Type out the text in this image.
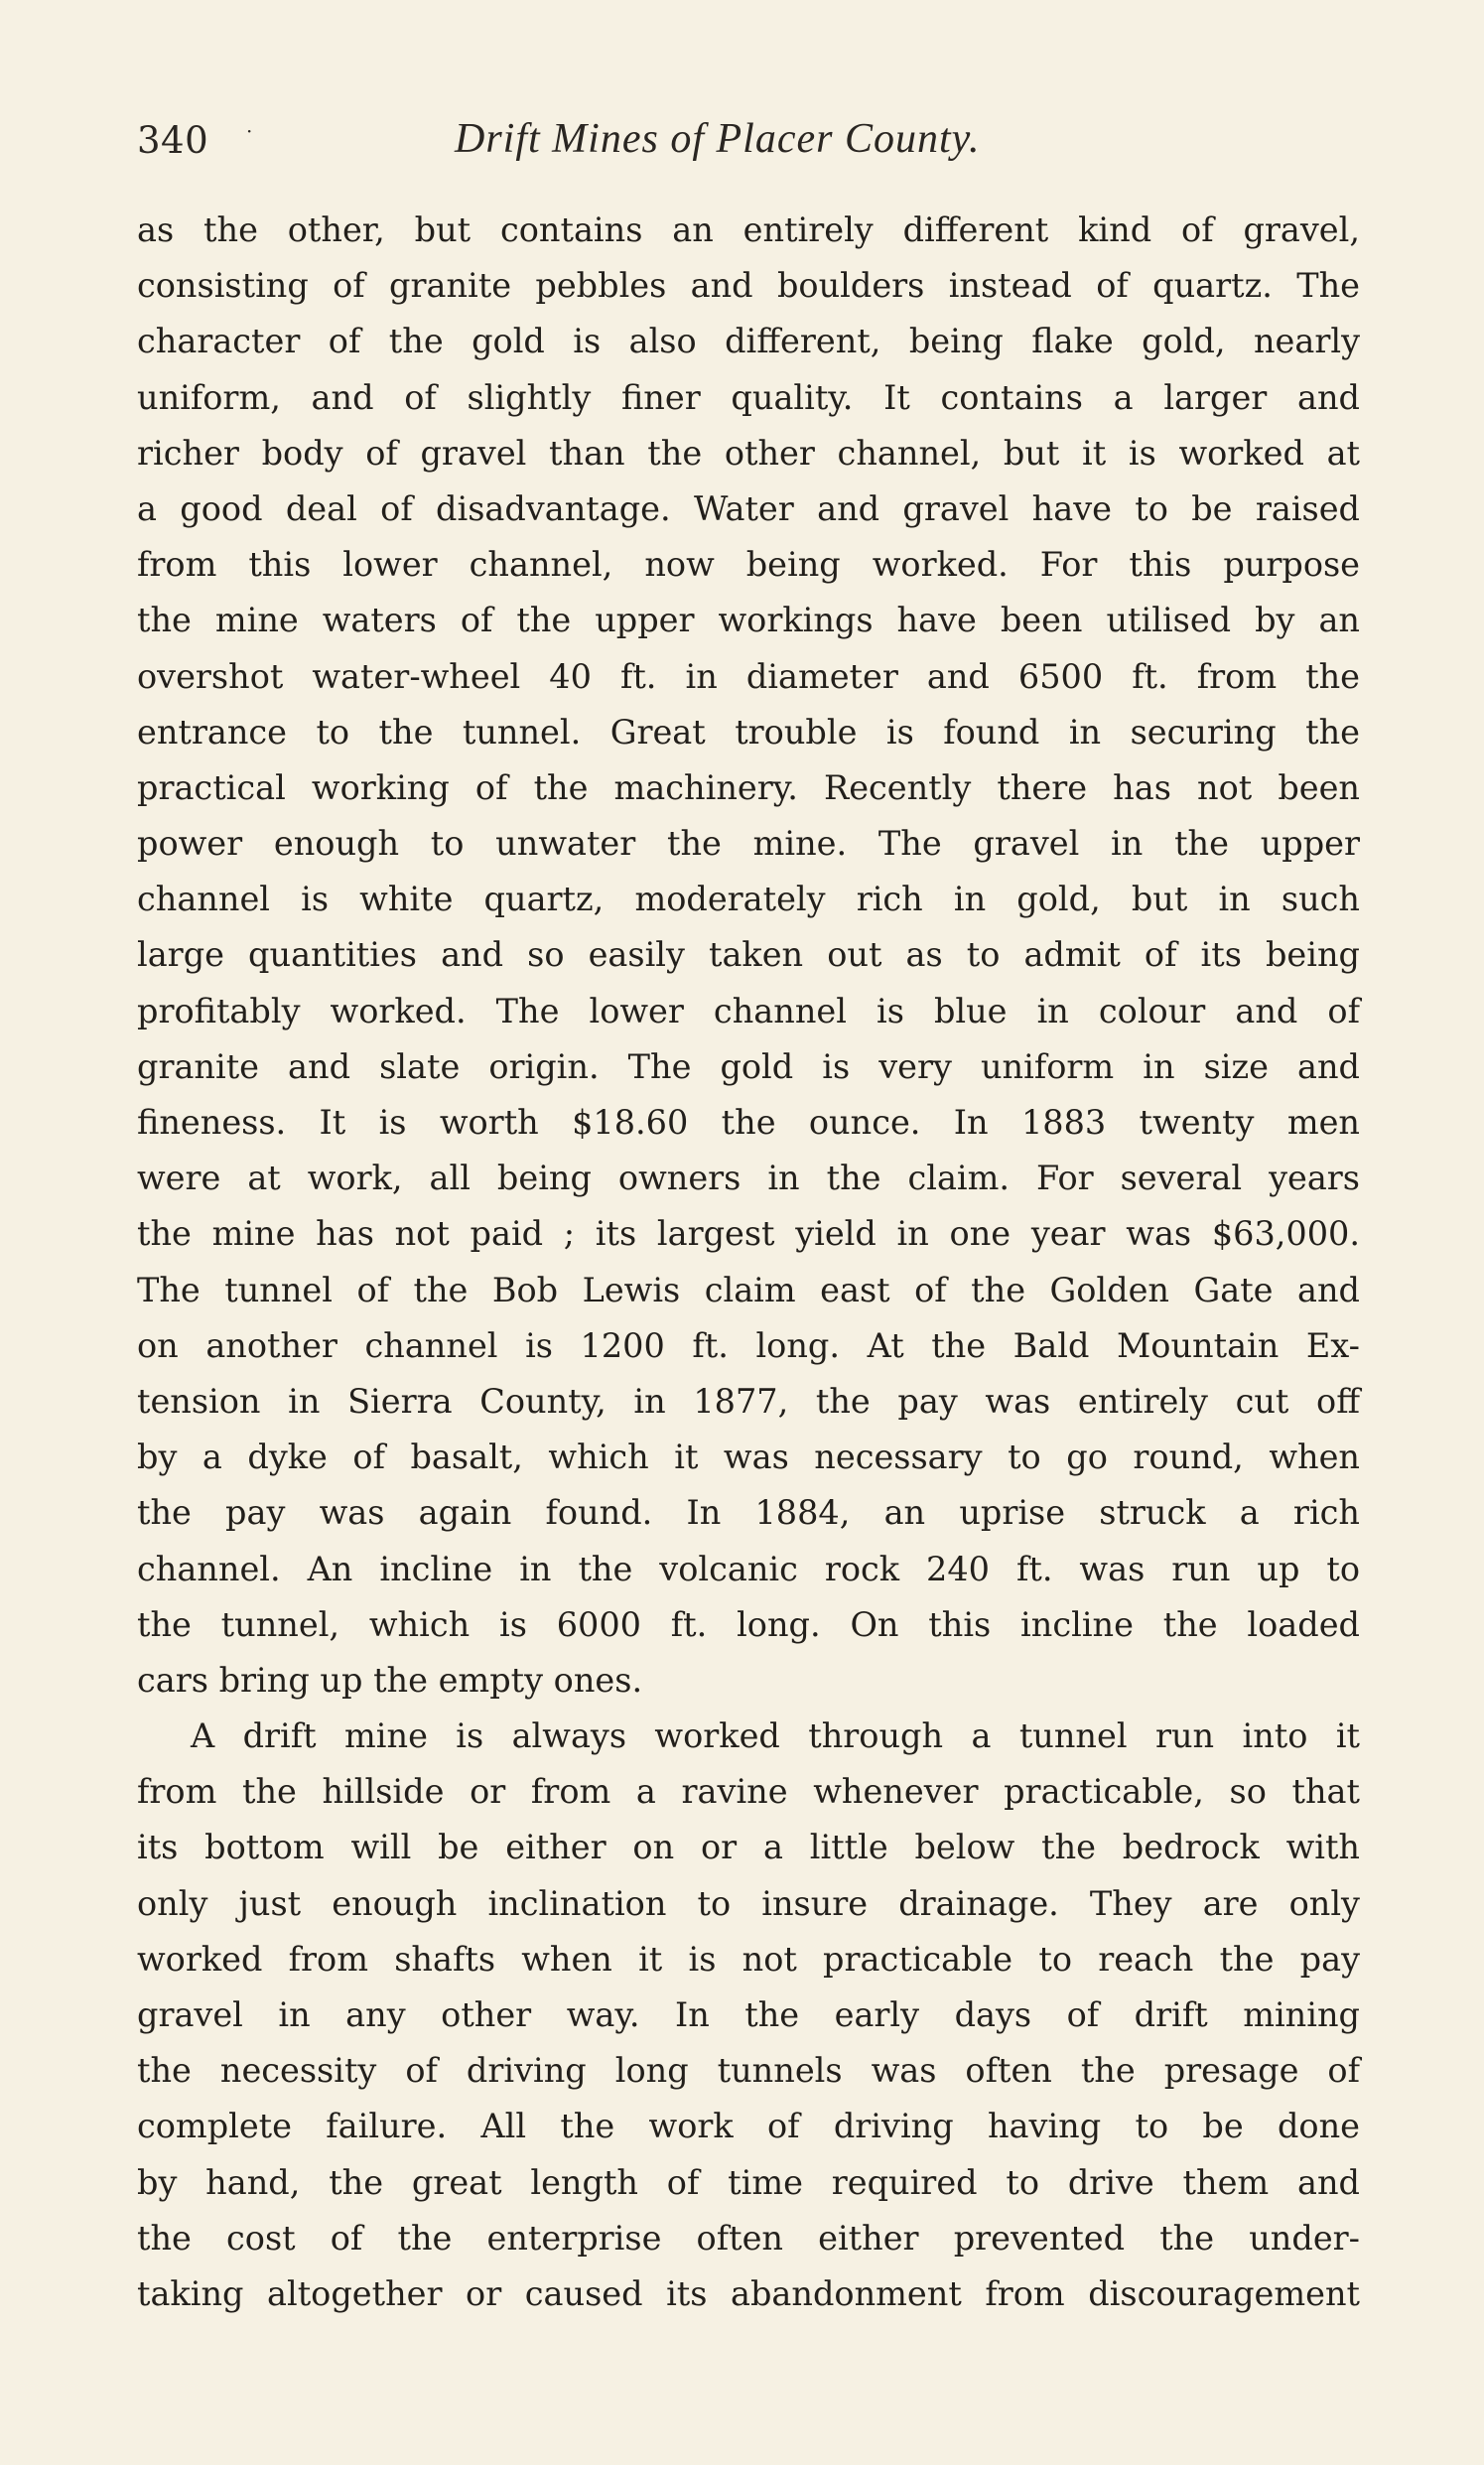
340 ·	Drift Mines of Placer County.
as the other, but contains an entirely different kind of gravel,
consisting of granite pebbles and boulders instead of quartz. The
character of the gold is also different, being flake gold, nearly
uniform, and of slightly finer quality. It contains a larger and
richer body of gravel than the other channel, but it is worked at
a good deal of disadvantage. Water and gravel have to be raised
from this lower channel, now being worked. For this purpose
the mine waters of the upper workings have been utilised by an
overshot water-wheel 40 ft. in diameter and 6500 ft. from the
entrance to the tunnel. Great trouble is found in securing the
practical working of the machinery. Recently there has not been
power enough to unwater the mine. The gravel in the upper
channel is white quartz, moderately rich in gold, but in such
large quantities and so easily taken out as to admit of its being
profitably worked. The lower channel is blue in colour and of
granite and slate origin. The gold is very uniform in size and
fineness. It is worth $18.60 the ounce. In 1883 twenty men
were at work, all being owners in the claim. For several years
the mine has not paid ; its largest yield in one year was $63,000.
The tunnel of the Bob Lewis claim east of the Golden Gate and
on another channel is 1200 ft. long. At the Bald Mountain Ex-
tension in Sierra County, in 1877, the pay was entirely cut off
by a dyke of basalt, which it was necessary to go round, when
the pay was again found. In 1884, an uprise struck a rich
channel. An incline in the volcanic rock 240 ft. was run up to
the tunnel, which is 6000 ft. long. On this incline the loaded
cars bring up the empty ones.
A drift mine is always worked through a tunnel run into it
from the hillside or from a ravine whenever practicable, so that
its bottom will be either on or a little below the bedrock with
only just enough inclination to insure drainage. They are only
worked from shafts when it is not practicable to reach the pay
gravel in any other way. In the early days of drift mining
the necessity of driving long tunnels was often the presage of
complete failure. All the work of driving having to be done
by hand, the great length of time required to drive them and
the cost of the enterprise often either prevented the under-
taking altogether or caused its abandonment from discouragement
